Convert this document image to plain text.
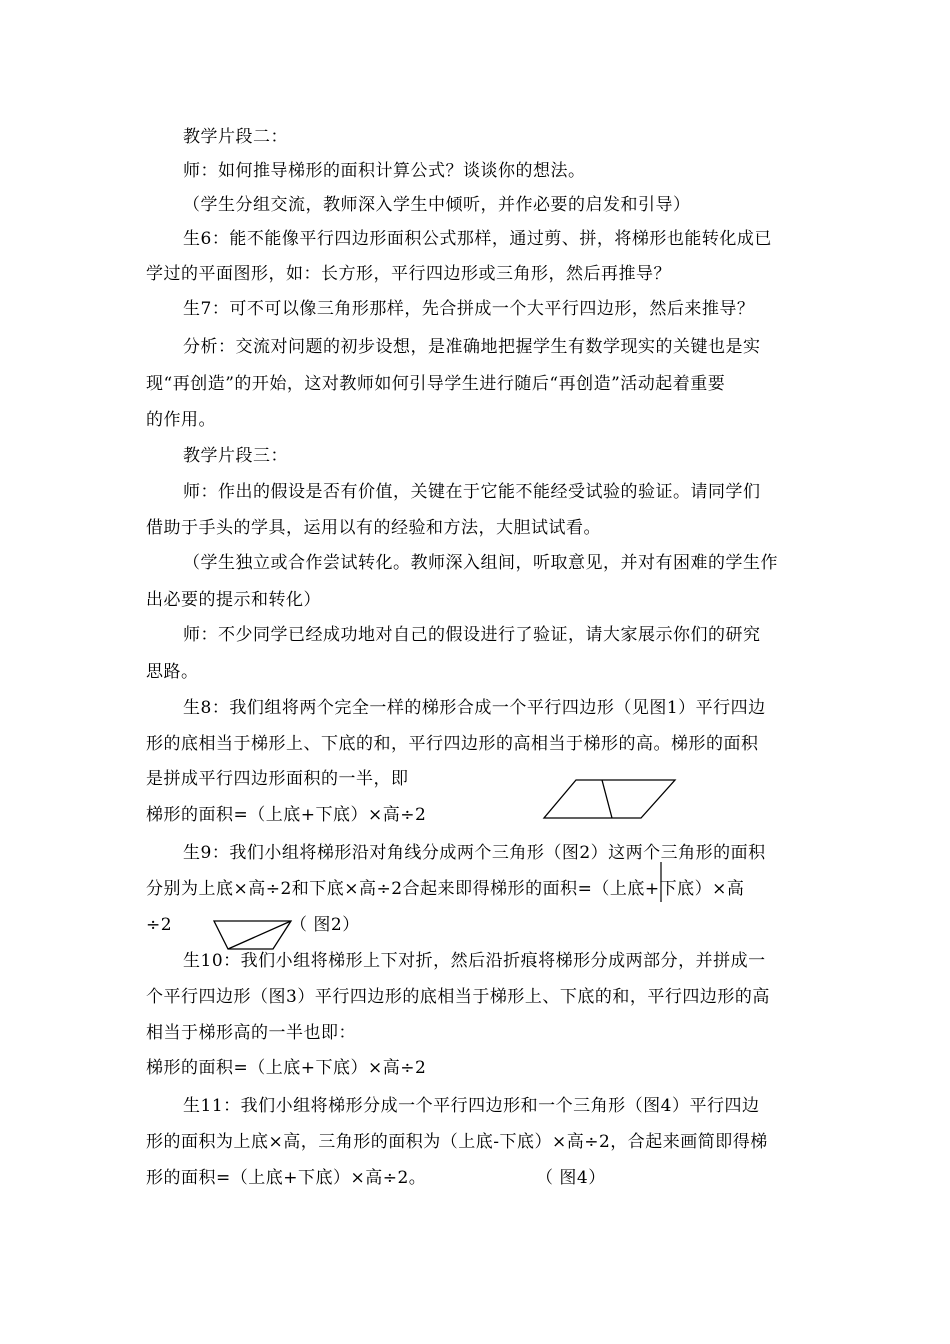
教学片段二：
师：如何推导梯形的面积计算公式？谈谈你的想法。
（学生分组交流，教师深入学生中倾听，并作必要的启发和引导）
生6：能不能像平行四边形面积公式那样，通过剪、拼，将梯形也能转化成已
学过的平面图形，如：长方形，平行四边形或三角形，然后再推导？
生7：可不可以像三角形那样，先合拼成一个大平行四边形，然后来推导？
分析：交流对问题的初步设想，是准确地把握学生有数学现实的关键也是实
现“再创造”的开始，这对教师如何引导学生进行随后“再创造”活动起着重要
的作用。
教学片段三：
师：作出的假设是否有价值，关键在于它能不能经受试验的验证。请同学们
借助于手头的学具，运用以有的经验和方法，大胆试试看。
（学生独立或合作尝试转化。教师深入组间，听取意见，并对有困难的学生作
出必要的提示和转化）
师：不少同学已经成功地对自己的假设进行了验证，请大家展示你们的研究
思路。
生8：我们组将两个完全一样的梯形合成一个平行四边形（见图1）平行四边
形的底相当于梯形上、下底的和，平行四边形的高相当于梯形的高。梯形的面积
是拼成平行四边形面积的一半，即
梯形的面积=（上底+下底）×高÷2
生9：我们小组将梯形沿对角线分成两个三角形（图2）这两个三角形的面积
分别为上底×高÷2和下底×高÷2合起来即得梯形的面积=（上底+下底）×高
÷2	（ 图2）
生10：我们小组将梯形上下对折，然后沿折痕将梯形分成两部分，并拼成一
个平行四边形（图3）平行四边形的底相当于梯形上、下底的和，平行四边形的高
相当于梯形高的一半也即：
梯形的面积=（上底+下底）×高÷2
生11：我们小组将梯形分成一个平行四边形和一个三角形（图4）平行四边
形的面积为上底×高，三角形的面积为（上底-下底）×高÷2，合起来画简即得梯
形的面积=（上底+下底）×高÷2。	（ 图4）
